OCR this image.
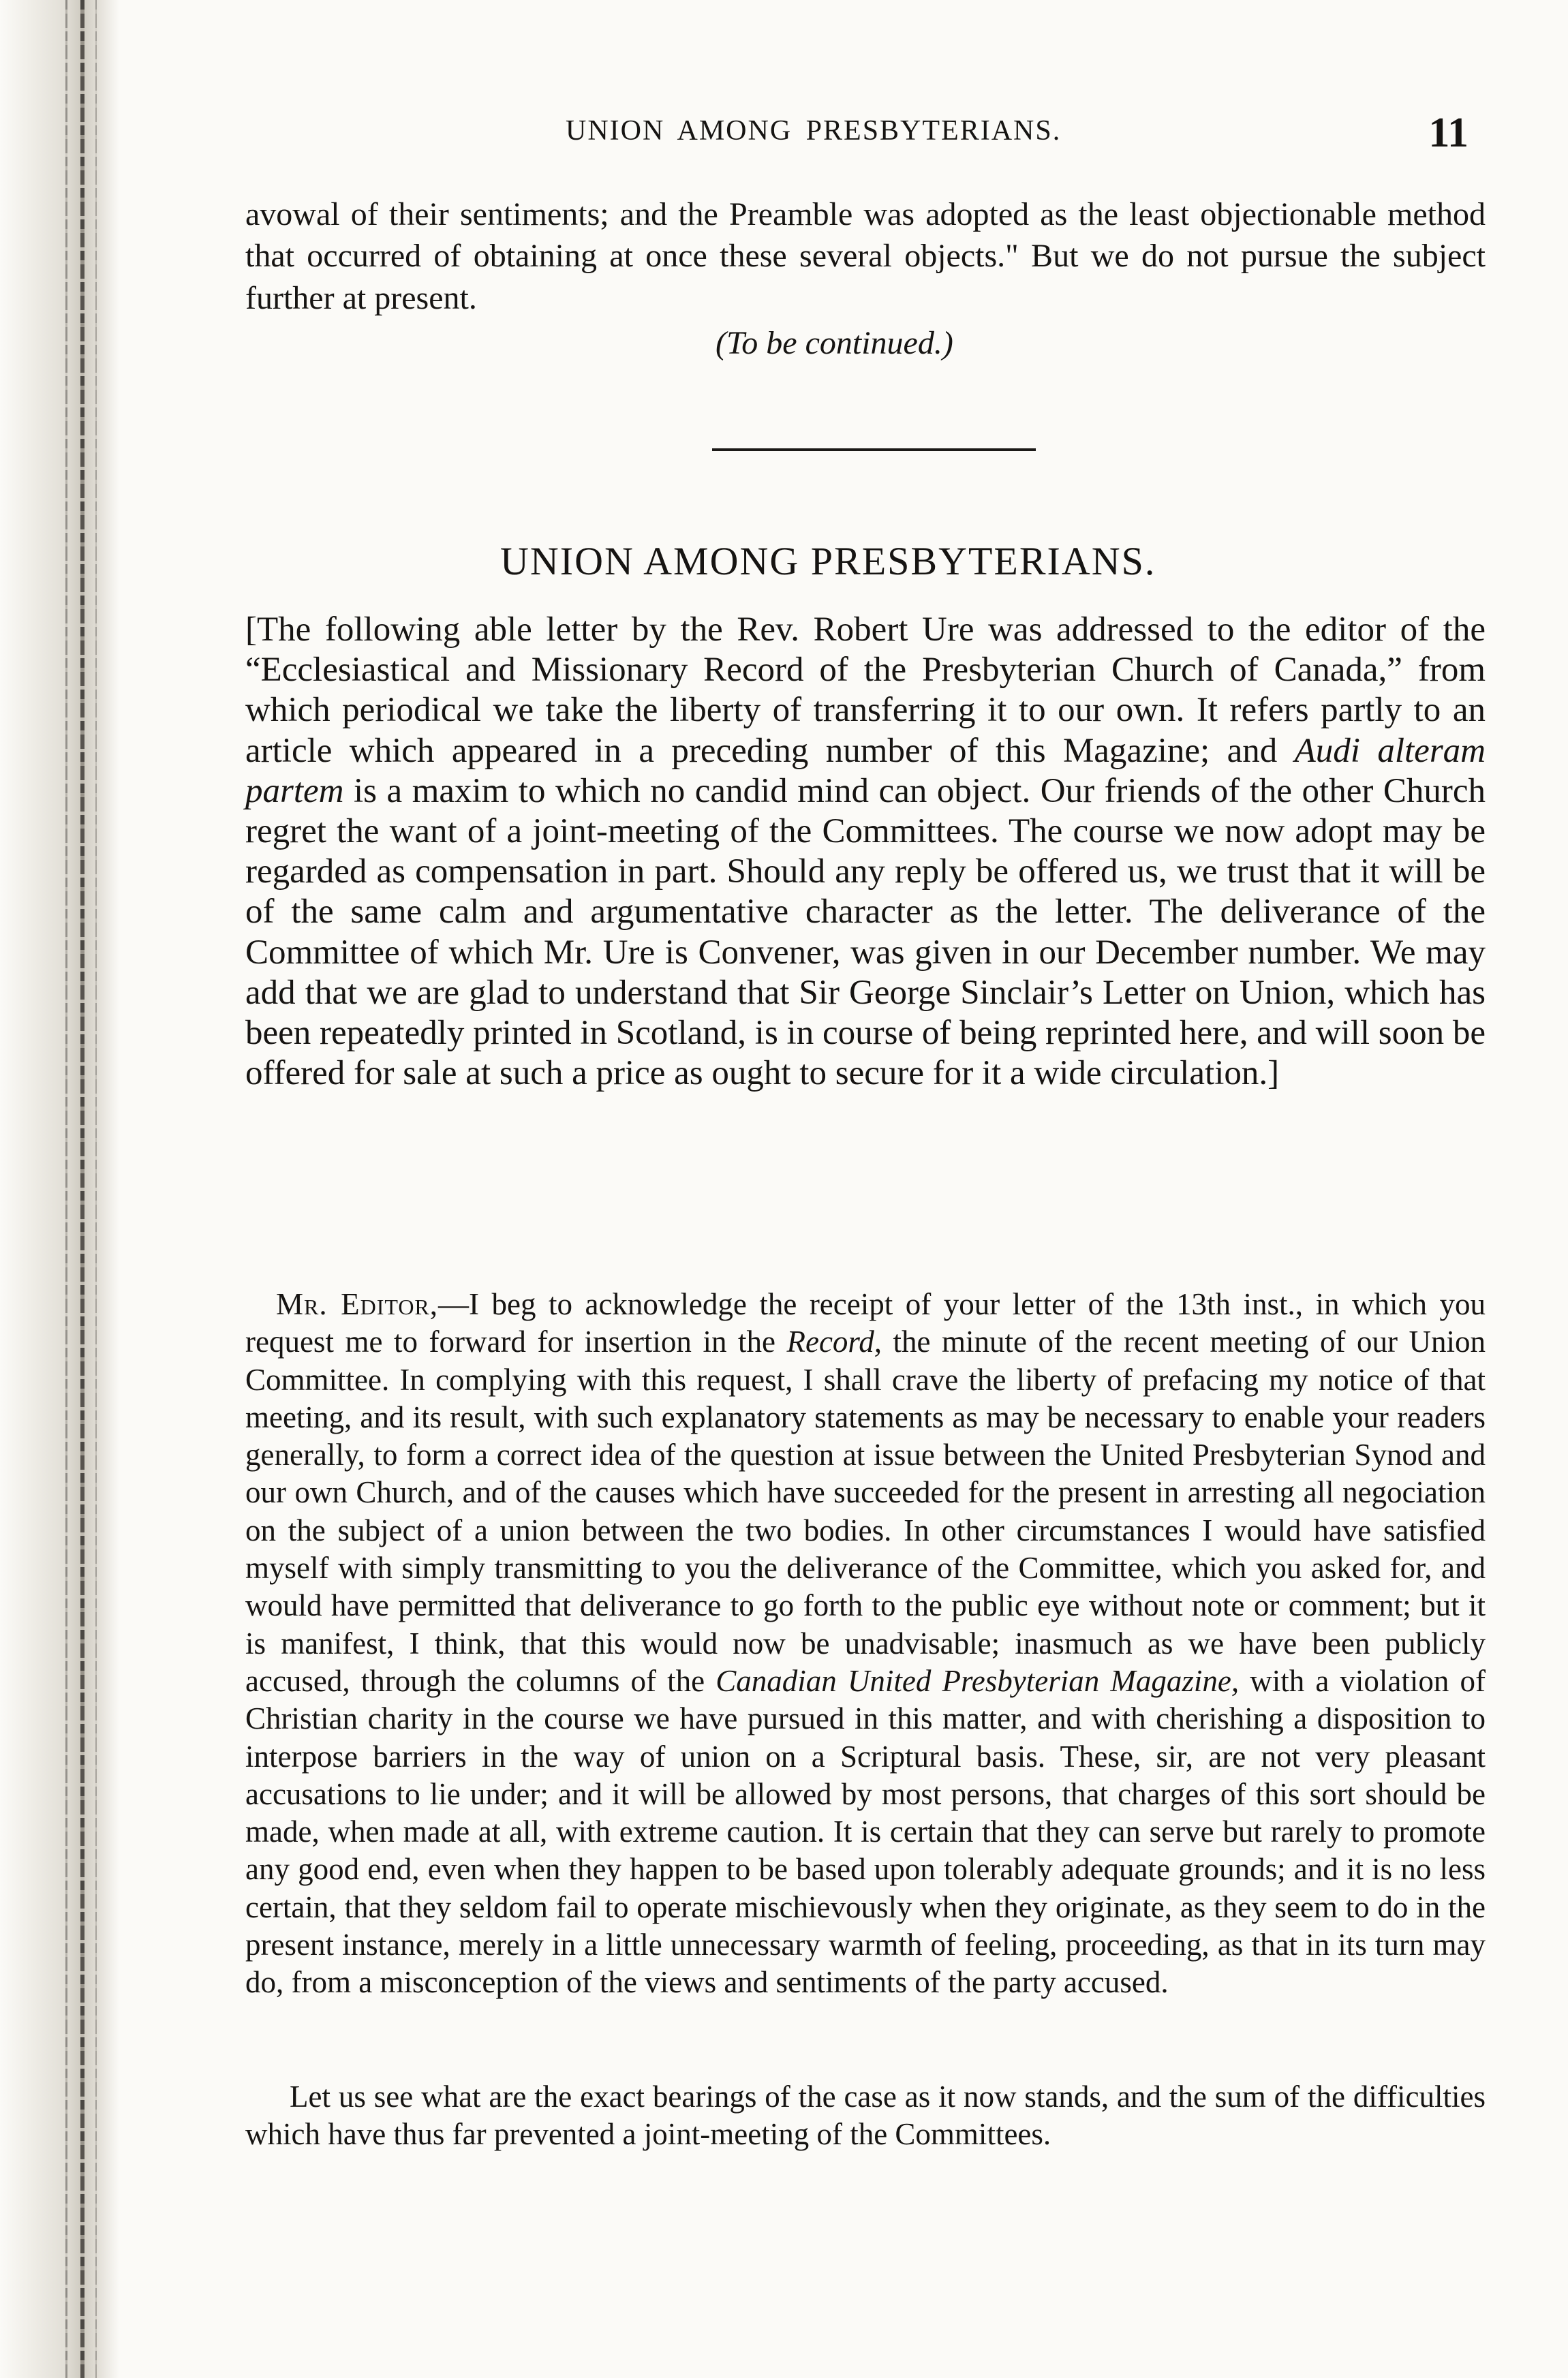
UNION AMONG PRESBYTERIANS.	11

avowal of their sentiments; and the Preamble was adopted as the least objectionable method that occurred of obtaining at once these several objects." But we do not pursue the subject further at present.

(To be continued.)
UNION AMONG PRESBYTERIANS.

[The following able letter by the Rev. Robert Ure was addressed to the editor of the “Ecclesiastical and Missionary Record of the Presbyterian Church of Canada,” from which periodical we take the liberty of transferring it to our own. It refers partly to an article which appeared in a preceding number of this Magazine; and Audi alteram partem is a maxim to which no candid mind can object. Our friends of the other Church regret the want of a joint-meeting of the Committees. The course we now adopt may be regarded as compensation in part. Should any reply be offered us, we trust that it will be of the same calm and argumentative character as the letter. The deliverance of the Committee of which Mr. Ure is Convener, was given in our December number. We may add that we are glad to understand that Sir George Sinclair’s Letter on Union, which has been repeatedly printed in Scotland, is in course of being reprinted here, and will soon be offered for sale at such a price as ought to secure for it a wide circulation.]

Mr. Editor,—I beg to acknowledge the receipt of your letter of the 13th inst., in which you request me to forward for insertion in the Record, the minute of the recent meeting of our Union Committee. In complying with this request, I shall crave the liberty of prefacing my notice of that meeting, and its result, with such explanatory statements as may be necessary to enable your readers generally, to form a correct idea of the question at issue between the United Presbyterian Synod and our own Church, and of the causes which have succeeded for the present in arresting all negociation on the subject of a union between the two bodies. In other circumstances I would have satisfied myself with simply transmitting to you the deliverance of the Committee, which you asked for, and would have permitted that deliverance to go forth to the public eye without note or comment; but it is manifest, I think, that this would now be unadvisable; inasmuch as we have been publicly accused, through the columns of the Canadian United Presbyterian Magazine, with a violation of Christian charity in the course we have pursued in this matter, and with cherishing a disposition to interpose barriers in the way of union on a Scriptural basis. These, sir, are not very pleasant accusations to lie under; and it will be allowed by most persons, that charges of this sort should be made, when made at all, with extreme caution. It is certain that they can serve but rarely to promote any good end, even when they happen to be based upon tolerably adequate grounds; and it is no less certain, that they seldom fail to operate mischievously when they originate, as they seem to do in the present instance, merely in a little unnecessary warmth of feeling, proceeding, as that in its turn may do, from a misconception of the views and sentiments of the party accused.

Let us see what are the exact bearings of the case as it now stands, and the sum of the difficulties which have thus far prevented a joint-meeting of the Committees.
